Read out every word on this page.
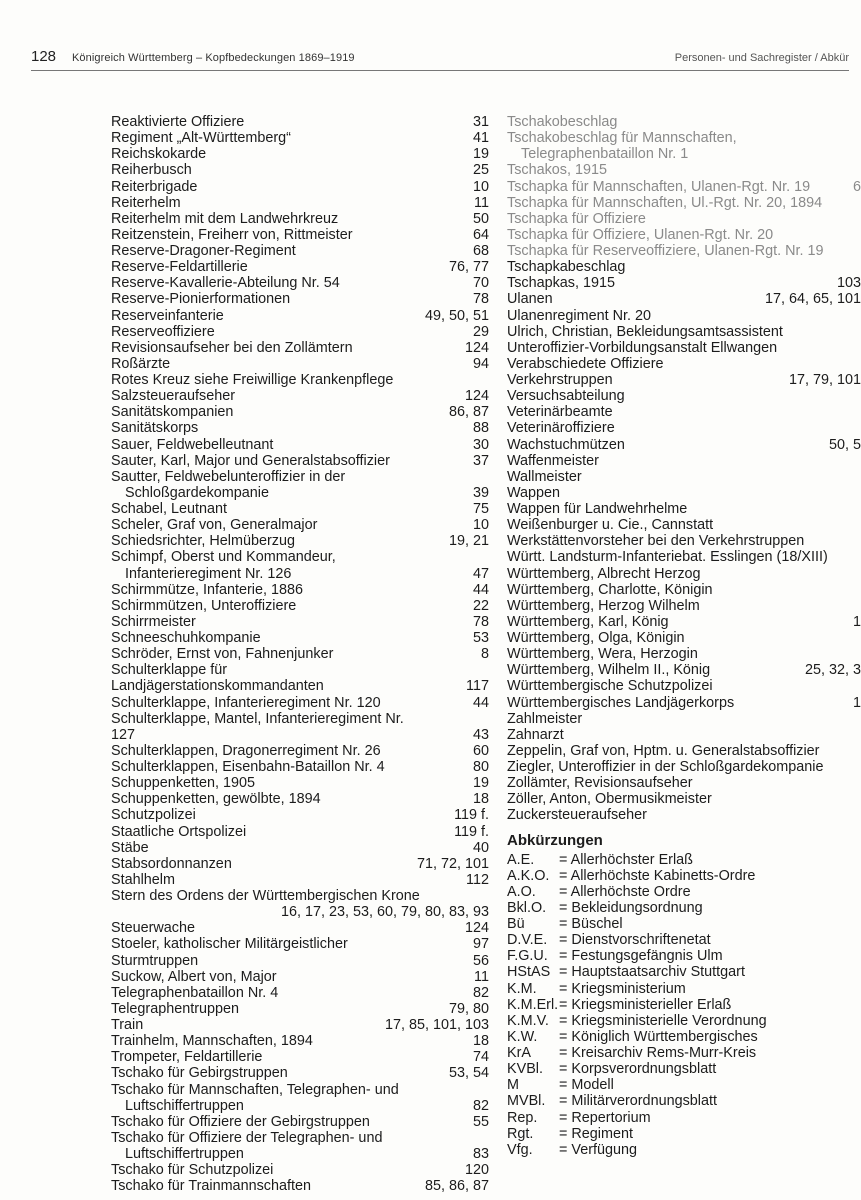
128 Königreich Württemberg – Kopfbedeckungen 1869–1919	Personen- und Sachregister / Abkür
Reaktivierte Offiziere	31
Regiment „Alt-Württemberg“	41
Reichskokarde	19
Reiherbusch	25
Reiterbrigade	10
Reiterhelm	11
Reiterhelm mit dem Landwehrkreuz	50
Reitzenstein, Freiherr von, Rittmeister	64
Reserve-Dragoner-Regiment	68
Reserve-Feldartillerie	76, 77
Reserve-Kavallerie-Abteilung Nr. 54	70
Reserve-Pionierformationen	78
Reserveinfanterie	49, 50, 51
Reserveoffiziere	29
Revisionsaufseher bei den Zollämtern	124
Roßärzte	94
Rotes Kreuz siehe Freiwillige Krankenpflege
Salzsteueraufseher	124
Sanitätskompanien	86, 87
Sanitätskorps	88
Sauer, Feldwebelleutnant	30
Sauter, Karl, Major und Generalstabsoffizier	37
Sautter, Feldwebelunteroffizier in der
Schloßgardekompanie	39
Schabel, Leutnant	75
Scheler, Graf von, Generalmajor	10
Schiedsrichter, Helmüberzug	19, 21
Schimpf, Oberst und Kommandeur,
Infanterieregiment Nr. 126	47
Schirmmütze, Infanterie, 1886	44
Schirmmützen, Unteroffiziere	22
Schirrmeister	78
Schneeschuhkompanie	53
Schröder, Ernst von, Fahnenjunker	8
Schulterklappe für Landjägerstationskommandanten	117
Schulterklappe, Infanterieregiment Nr. 120	44
Schulterklappe, Mantel, Infanterieregiment Nr. 127	43
Schulterklappen, Dragonerregiment Nr. 26	60
Schulterklappen, Eisenbahn-Bataillon Nr. 4	80
Schuppenketten, 1905	19
Schuppenketten, gewölbte, 1894	18
Schutzpolizei	119 f.
Staatliche Ortspolizei	119 f.
Stäbe	40
Stabsordonnanzen	71, 72, 101
Stahlhelm	112
Stern des Ordens der Württembergischen Krone
16, 17, 23, 53, 60, 79, 80, 83, 93
Steuerwache	124
Stoeler, katholischer Militärgeistlicher	97
Sturmtruppen	56
Suckow, Albert von, Major	11
Telegraphenbataillon Nr. 4	82
Telegraphentruppen	79, 80
Train	17, 85, 101, 103
Trainhelm, Mannschaften, 1894	18
Trompeter, Feldartillerie	74
Tschako für Gebirgstruppen	53, 54
Tschako für Mannschaften, Telegraphen- und
Luftschiffertruppen	82
Tschako für Offiziere der Gebirgstruppen	55
Tschako für Offiziere der Telegraphen- und
Luftschiffertruppen	83
Tschako für Schutzpolizei	120
Tschako für Trainmannschaften	85, 86, 87
Tschakobeschlag
Tschakobeschlag für Mannschaften,
Telegraphenbataillon Nr. 1
Tschakos, 1915
Tschapka für Mannschaften, Ulanen-Rgt. Nr. 19	6
Tschapka für Mannschaften, Ul.-Rgt. Nr. 20, 1894
Tschapka für Offiziere
Tschapka für Offiziere, Ulanen-Rgt. Nr. 20
Tschapka für Reserveoffiziere, Ulanen-Rgt. Nr. 19
Tschapkabeschlag
Tschapkas, 1915	103
Ulanen	17, 64, 65, 101
Ulanenregiment Nr. 20
Ulrich, Christian, Bekleidungsamtsassistent
Unteroffizier-Vorbildungsanstalt Ellwangen
Verabschiedete Offiziere
Verkehrstruppen	17, 79, 101
Versuchsabteilung
Veterinärbeamte
Veterinäroffiziere
Wachstuchmützen	50, 5
Waffenmeister
Wallmeister
Wappen
Wappen für Landwehrhelme
Weißenburger u. Cie., Cannstatt
Werkstättenvorsteher bei den Verkehrstruppen
Württ. Landsturm-Infanteriebat. Esslingen (18/XIII)
Württemberg, Albrecht Herzog
Württemberg, Charlotte, Königin
Württemberg, Herzog Wilhelm
Württemberg, Karl, König	1
Württemberg, Olga, Königin
Württemberg, Wera, Herzogin
Württemberg, Wilhelm II., König	25, 32, 3
Württembergische Schutzpolizei
Württembergisches Landjägerkorps	1
Zahlmeister
Zahnarzt
Zeppelin, Graf von, Hptm. u. Generalstabsoffizier
Ziegler, Unteroffizier in der Schloßgardekompanie
Zollämter, Revisionsaufseher
Zöller, Anton, Obermusikmeister
Zuckersteueraufseher
Abkürzungen
A.E. = Allerhöchster Erlaß
A.K.O. = Allerhöchste Kabinetts-Ordre
A.O. = Allerhöchste Ordre
Bkl.O. = Bekleidungsordnung
Bü = Büschel
D.V.E. = Dienstvorschriftenetat
F.G.U. = Festungsgefängnis Ulm
HStAS = Hauptstaatsarchiv Stuttgart
K.M. = Kriegsministerium
K.M.Erl.= Kriegsministerieller Erlaß
K.M.V. = Kriegsministerielle Verordnung
K.W. = Königlich Württembergisches
KrA = Kreisarchiv Rems-Murr-Kreis
KVBl. = Korpsverordnungsblatt
M	= Modell
MVBl. = Militärverordnungsblatt
Rep. = Repertorium
Rgt. = Regiment
Vfg. = Verfügung
